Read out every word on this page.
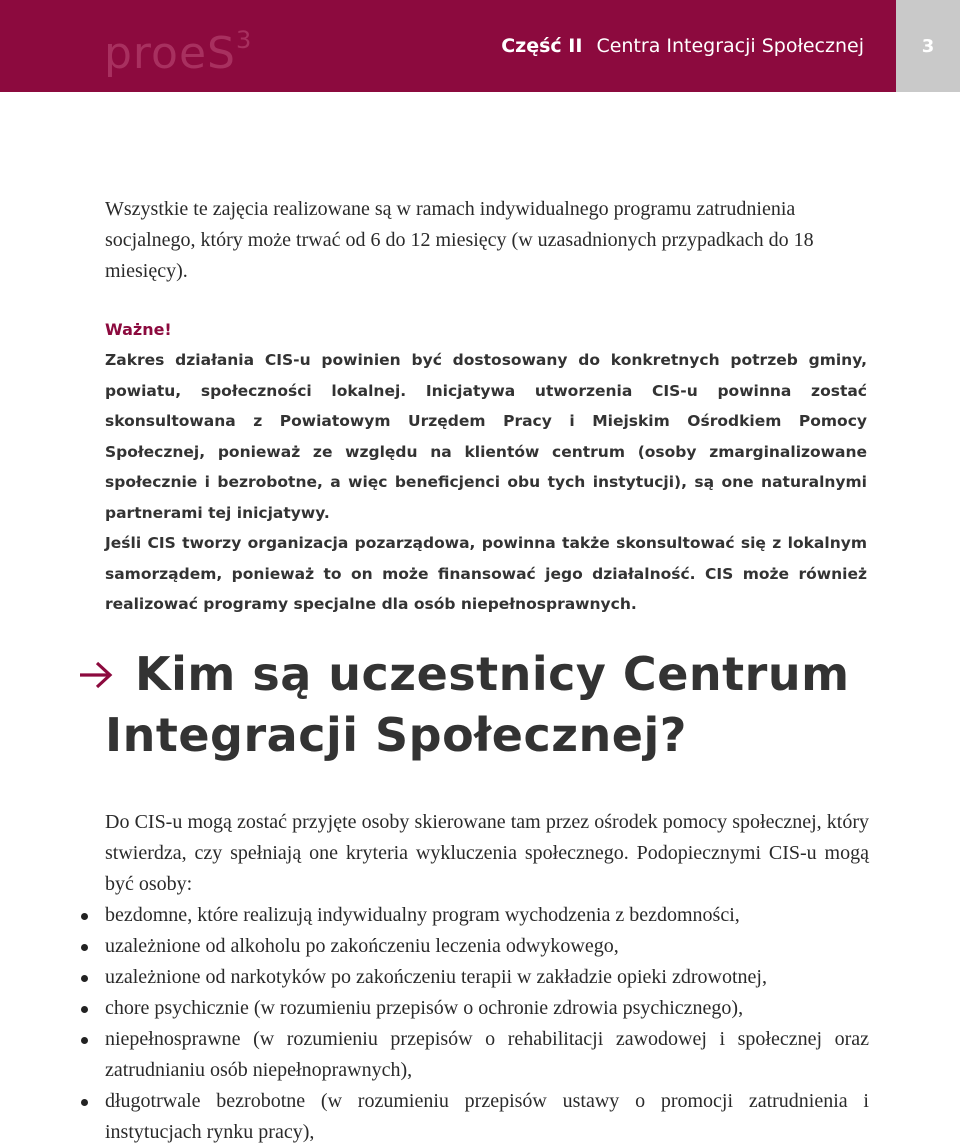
proeS$^3$	Część II Centra Integracji Społecznej	3

Wszystkie te zajęcia realizowane są w ramach indywidualnego programu zatrudnienia socjalnego, który może trwać od 6 do 12 miesięcy (w uzasadnionych przypadkach do 18 miesięcy).

Ważne!

Zakres działania CIS-u powinien być dostosowany do konkretnych potrzeb gminy, powiatu, społeczności lokalnej. Inicjatywa utworzenia CIS-u powinna zostać skonsultowana z Powiatowym Urzędem Pracy i Miejskim Ośrodkiem Pomocy Społecznej, ponieważ ze względu na klientów centrum (osoby zmarginalizowane społecznie i bezrobotne, a więc beneficjenci obu tych instytucji), są one naturalnymi partnerami tej inicjatywy.

Jeśli CIS tworzy organizacja pozarządowa, powinna także skonsultować się z lokalnym samorządem, ponieważ to on może finansować jego działalność. CIS może również realizować programy specjalne dla osób niepełnosprawnych.

Kim są uczestnicy Centrum
Integracji Społecznej?

Do CIS-u mogą zostać przyjęte osoby skierowane tam przez ośrodek pomocy społecznej, który stwierdza, czy spełniają one kryteria wykluczenia społecznego. Podopiecznymi CIS-u mogą być osoby:

bezdomne, które realizują indywidualny program wychodzenia z bezdomności,
uzależnione od alkoholu po zakończeniu leczenia odwykowego,
uzależnione od narkotyków po zakończeniu terapii w zakładzie opieki zdrowotnej,
chore psychicznie (w rozumieniu przepisów o ochronie zdrowia psychicznego),
niepełnosprawne (w rozumieniu przepisów o rehabilitacji zawodowej i społecznej oraz zatrudnianiu osób niepełnoprawnych),
długotrwale bezrobotne (w rozumieniu przepisów ustawy o promocji zatrudnienia i instytucjach rynku pracy),
